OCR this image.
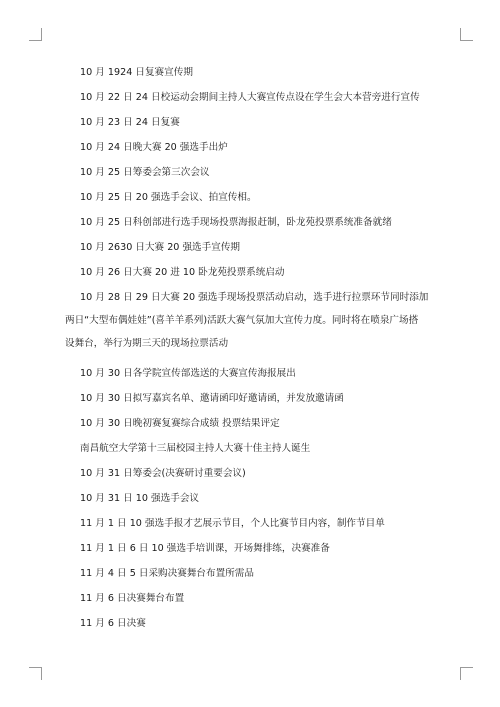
10 月 1924 日复赛宣传期
10 月 22 日 24 日校运动会期间主持人大赛宣传点设在学生会大本营旁进行宣传
10 月 23 日 24 日复赛
10 月 24 日晚大赛 20 强选手出炉
10 月 25 日筹委会第三次会议
10 月 25 日 20 强选手会议、拍宣传相。
10 月 25 日科创部进行选手现场投票海报赶制，卧龙苑投票系统准备就绪
10 月 2630 日大赛 20 强选手宣传期
10 月 26 日大赛 20 进 10 卧龙苑投票系统启动
10 月 28 日 29 日大赛 20 强选手现场投票活动启动，选手进行拉票环节同时添加
两日“大型布偶娃娃”(喜羊羊系列)活跃大赛气氛加大宣传力度。同时将在喷泉广场搭
设舞台，举行为期三天的现场拉票活动
10 月 30 日各学院宣传部选送的大赛宣传海报展出
10 月 30 日拟写嘉宾名单、邀请函印好邀请函，并发放邀请函
10 月 30 日晚初赛复赛综合成绩 投票结果评定
南昌航空大学第十三届校园主持人大赛十佳主持人诞生
10 月 31 日筹委会(决赛研讨重要会议)
10 月 31 日 10 强选手会议
11 月 1 日 10 强选手报才艺展示节目，个人比赛节目内容，制作节目单
11 月 1 日 6 日 10 强选手培训课，开场舞排练，决赛准备
11 月 4 日 5 日采购决赛舞台布置所需品
11 月 6 日决赛舞台布置
11 月 6 日决赛
